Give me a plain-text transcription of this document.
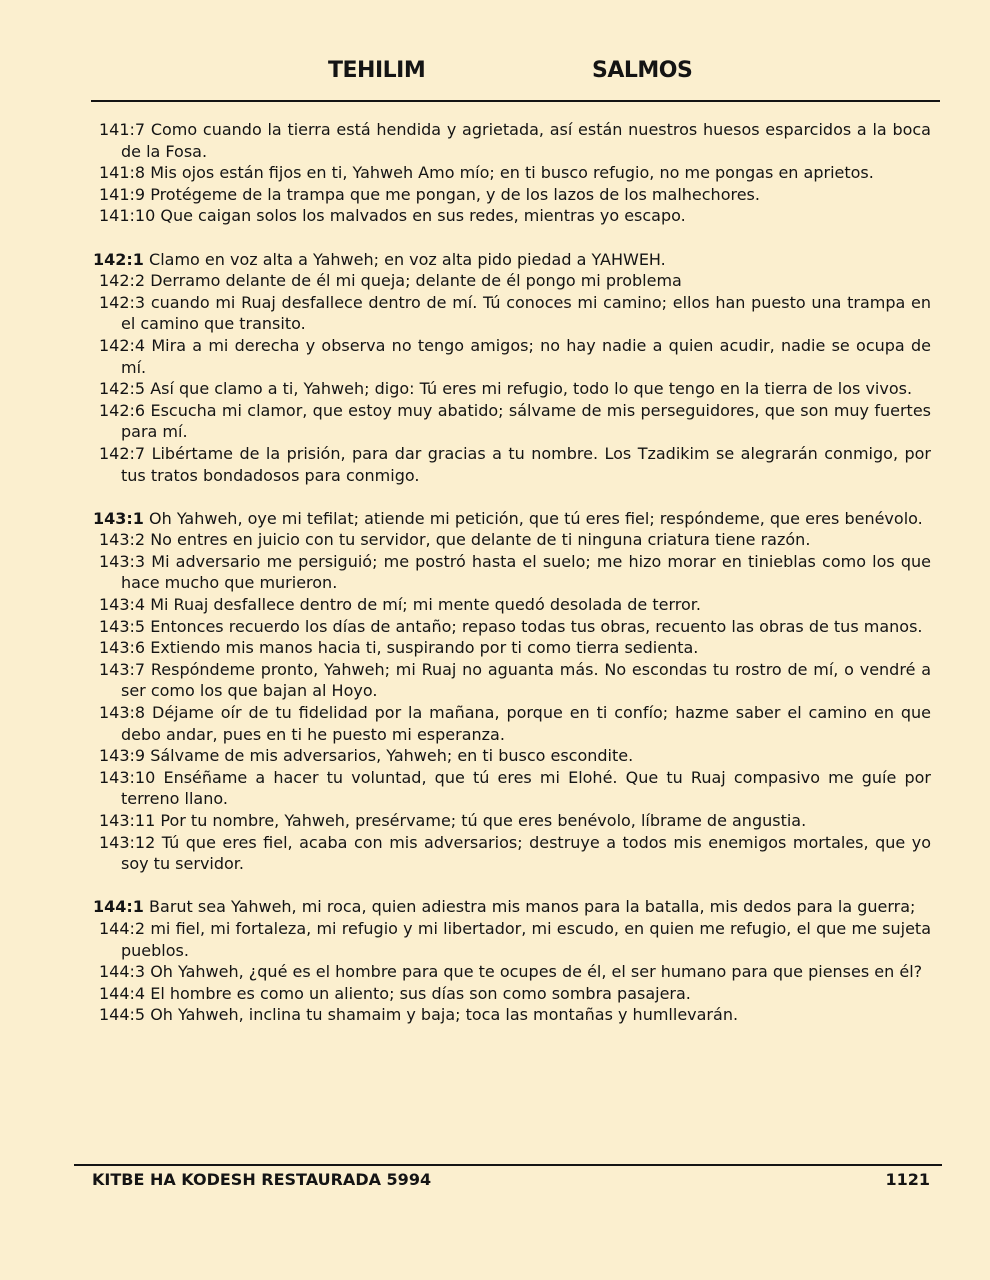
TEHILIM	SALMOS

141:7 Como cuando la tierra está hendida y agrietada, así están nuestros huesos esparcidos a la boca de la Fosa.

141:8 Mis ojos están fijos en ti, Yahweh Amo mío; en ti busco refugio, no me pongas en aprietos.

141:9 Protégeme de la trampa que me pongan, y de los lazos de los malhechores.

141:10 Que caigan solos los malvados en sus redes, mientras yo escapo.

142:1 Clamo en voz alta a Yahweh; en voz alta pido piedad a YAHWEH.

142:2 Derramo delante de él mi queja; delante de él pongo mi problema

142:3 cuando mi Ruaj desfallece dentro de mí. Tú conoces mi camino; ellos han puesto una trampa en el camino que transito.

142:4 Mira a mi derecha y observa no tengo amigos; no hay nadie a quien acudir, nadie se ocupa de mí.

142:5 Así que clamo a ti, Yahweh; digo: Tú eres mi refugio, todo lo que tengo en la tierra de los vivos.

142:6 Escucha mi clamor, que estoy muy abatido; sálvame de mis perseguidores, que son muy fuertes para mí.

142:7 Libértame de la prisión, para dar gracias a tu nombre. Los Tzadikim se alegrarán conmigo, por tus tratos bondadosos para conmigo.

143:1 Oh Yahweh, oye mi tefilat; atiende mi petición, que tú eres fiel; respóndeme, que eres benévolo.

143:2 No entres en juicio con tu servidor, que delante de ti ninguna criatura tiene razón.

143:3 Mi adversario me persiguió; me postró hasta el suelo; me hizo morar en tinieblas como los que hace mucho que murieron.

143:4 Mi Ruaj desfallece dentro de mí; mi mente quedó desolada de terror.

143:5 Entonces recuerdo los días de antaño; repaso todas tus obras, recuento las obras de tus manos.

143:6 Extiendo mis manos hacia ti, suspirando por ti como tierra sedienta.

143:7 Respóndeme pronto, Yahweh; mi Ruaj no aguanta más. No escondas tu rostro de mí, o vendré a ser como los que bajan al Hoyo.

143:8 Déjame oír de tu fidelidad por la mañana, porque en ti confío; hazme saber el camino en que debo andar, pues en ti he puesto mi esperanza.

143:9 Sálvame de mis adversarios, Yahweh; en ti busco escondite.

143:10 Enséñame a hacer tu voluntad, que tú eres mi Elohé. Que tu Ruaj compasivo me guíe por terreno llano.

143:11 Por tu nombre, Yahweh, presérvame; tú que eres benévolo, líbrame de angustia.

143:12 Tú que eres fiel, acaba con mis adversarios; destruye a todos mis enemigos mortales, que yo soy tu servidor.

144:1 Barut sea Yahweh, mi roca, quien adiestra mis manos para la batalla, mis dedos para la guerra;

144:2 mi fiel, mi fortaleza, mi refugio y mi libertador, mi escudo, en quien me refugio, el que me sujeta pueblos.

144:3 Oh Yahweh, ¿qué es el hombre para que te ocupes de él, el ser humano para que pienses en él?

144:4 El hombre es como un aliento; sus días son como sombra pasajera.

144:5 Oh Yahweh, inclina tu shamaim y baja; toca las montañas y humllevarán.

KITBE HA KODESH RESTAURADA 5994	1121
